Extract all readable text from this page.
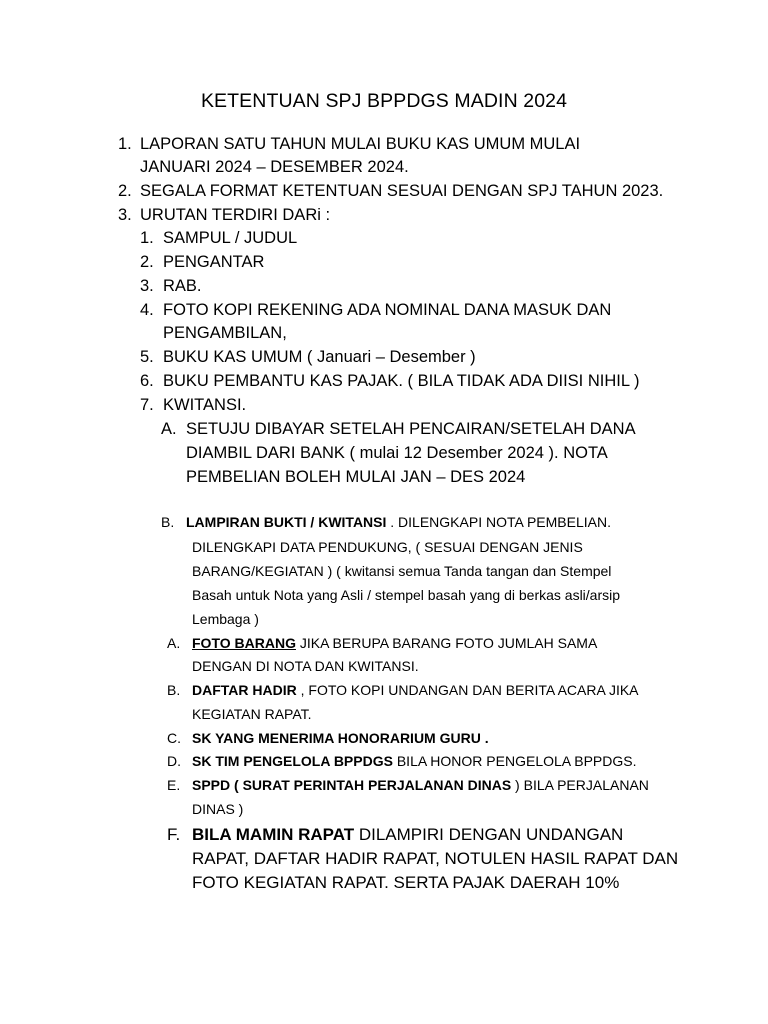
KETENTUAN SPJ BPPDGS MADIN 2024
1. LAPORAN SATU TAHUN MULAI BUKU KAS UMUM MULAI
JANUARI 2024 – DESEMBER 2024.
2. SEGALA FORMAT KETENTUAN SESUAI DENGAN SPJ TAHUN 2023.
3. URUTAN TERDIRI DARi :
1. SAMPUL / JUDUL
2. PENGANTAR
3. RAB.
4. FOTO KOPI REKENING ADA NOMINAL DANA MASUK DAN
PENGAMBILAN,
5. BUKU KAS UMUM ( Januari – Desember )
6. BUKU PEMBANTU KAS PAJAK. ( BILA TIDAK ADA DIISI NIHIL )
7. KWITANSI.
A. SETUJU DIBAYAR SETELAH PENCAIRAN/SETELAH DANA
DIAMBIL DARI BANK ( mulai 12 Desember 2024 ). NOTA
PEMBELIAN BOLEH MULAI JAN – DES 2024
B. LAMPIRAN BUKTI / KWITANSI . DILENGKAPI NOTA PEMBELIAN.
DILENGKAPI DATA PENDUKUNG, ( SESUAI DENGAN JENIS
BARANG/KEGIATAN ) ( kwitansi semua Tanda tangan dan Stempel
Basah untuk Nota yang Asli / stempel basah yang di berkas asli/arsip
Lembaga )
A. FOTO BARANG JIKA BERUPA BARANG FOTO JUMLAH SAMA
DENGAN DI NOTA DAN KWITANSI.
B. DAFTAR HADIR , FOTO KOPI UNDANGAN DAN BERITA ACARA JIKA
KEGIATAN RAPAT.
C. SK YANG MENERIMA HONORARIUM GURU .
D. SK TIM PENGELOLA BPPDGS BILA HONOR PENGELOLA BPPDGS.
E. SPPD ( SURAT PERINTAH PERJALANAN DINAS ) BILA PERJALANAN
DINAS )
F. BILA MAMIN RAPAT DILAMPIRI DENGAN UNDANGAN
RAPAT, DAFTAR HADIR RAPAT, NOTULEN HASIL RAPAT DAN
FOTO KEGIATAN RAPAT. SERTA PAJAK DAERAH 10%
